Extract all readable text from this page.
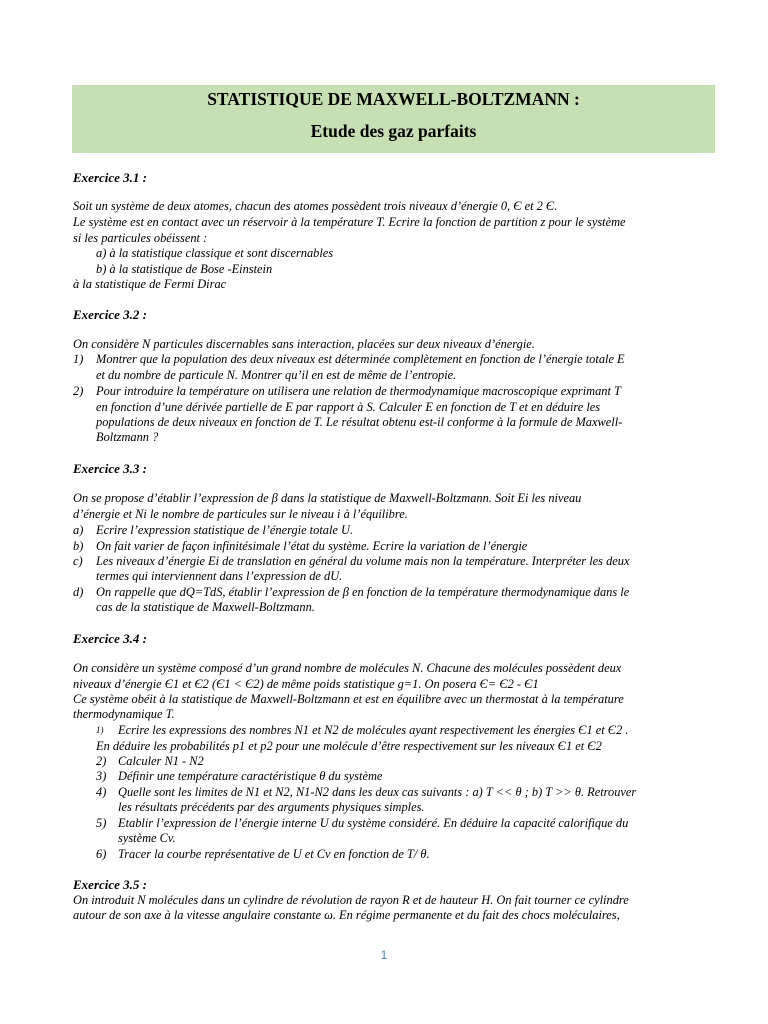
STATISTIQUE DE MAXWELL-BOLTZMANN :
Etude des gaz parfaits
Exercice 3.1 :
Soit un système de deux atomes, chacun des atomes possèdent trois niveaux d’énergie 0, Є et 2 Є.
Le système est en contact avec un réservoir à la température T. Ecrire la fonction de partition z pour le système
si les particules obéissent :
a) à la statistique classique et sont discernables
b) à la statistique de Bose -Einstein
à la statistique de Fermi Dirac
Exercice 3.2 :
On considère N particules discernables sans interaction, placées sur deux niveaux d’énergie.
1) Montrer que la population des deux niveaux est déterminée complètement en fonction de l’énergie totale E
et du nombre de particule N. Montrer qu’il en est de même de l’entropie.
2) Pour introduire la température on utilisera une relation de thermodynamique macroscopique exprimant T
en fonction d’une dérivée partielle de E par rapport à S. Calculer E en fonction de T et en déduire les
populations de deux niveaux en fonction de T. Le résultat obtenu est-il conforme à la formule de Maxwell-
Boltzmann ?
Exercice 3.3 :
On se propose d’établir l’expression de β dans la statistique de Maxwell-Boltzmann. Soit Ei les niveau
d’énergie et Ni le nombre de particules sur le niveau i à l’équilibre.
a) Ecrire l’expression statistique de l’énergie totale U.
b) On fait varier de façon infinitésimale l’état du système. Ecrire la variation de l’énergie
c) Les niveaux d’énergie Ei de translation en général du volume mais non la température. Interpréter les deux
termes qui interviennent dans l’expression de dU.
d) On rappelle que dQ=TdS, établir l’expression de β en fonction de la température thermodynamique dans le
cas de la statistique de Maxwell-Boltzmann.
Exercice 3.4 :
On considère un système composé d’un grand nombre de molécules N. Chacune des molécules possèdent deux
niveaux d’énergie Є1 et Є2 (Є1 < Є2) de même poids statistique g=1. On posera Є= Є2 - Є1
Ce système obéit à la statistique de Maxwell-Boltzmann et est en équilibre avec un thermostat à la température
thermodynamique T.
1) Ecrire les expressions des nombres N1 et N2 de molécules ayant respectivement les énergies Є1 et Є2 .
En déduire les probabilités p1 et p2 pour une molécule d’être respectivement sur les niveaux Є1 et Є2
2) Calculer N1 - N2
3) Définir une température caractéristique θ du système
4) Quelle sont les limites de N1 et N2, N1-N2 dans les deux cas suivants : a) T << θ ; b) T >> θ. Retrouver
les résultats précédents par des arguments physiques simples.
5) Etablir l’expression de l’énergie interne U du système considéré. En déduire la capacité calorifique du
système Cv.
6) Tracer la courbe représentative de U et Cv en fonction de T/ θ.
Exercice 3.5 :
On introduit N molécules dans un cylindre de révolution de rayon R et de hauteur H. On fait tourner ce cylindre
autour de son axe à la vitesse angulaire constante ω. En régime permanente et du fait des chocs moléculaires,
1
